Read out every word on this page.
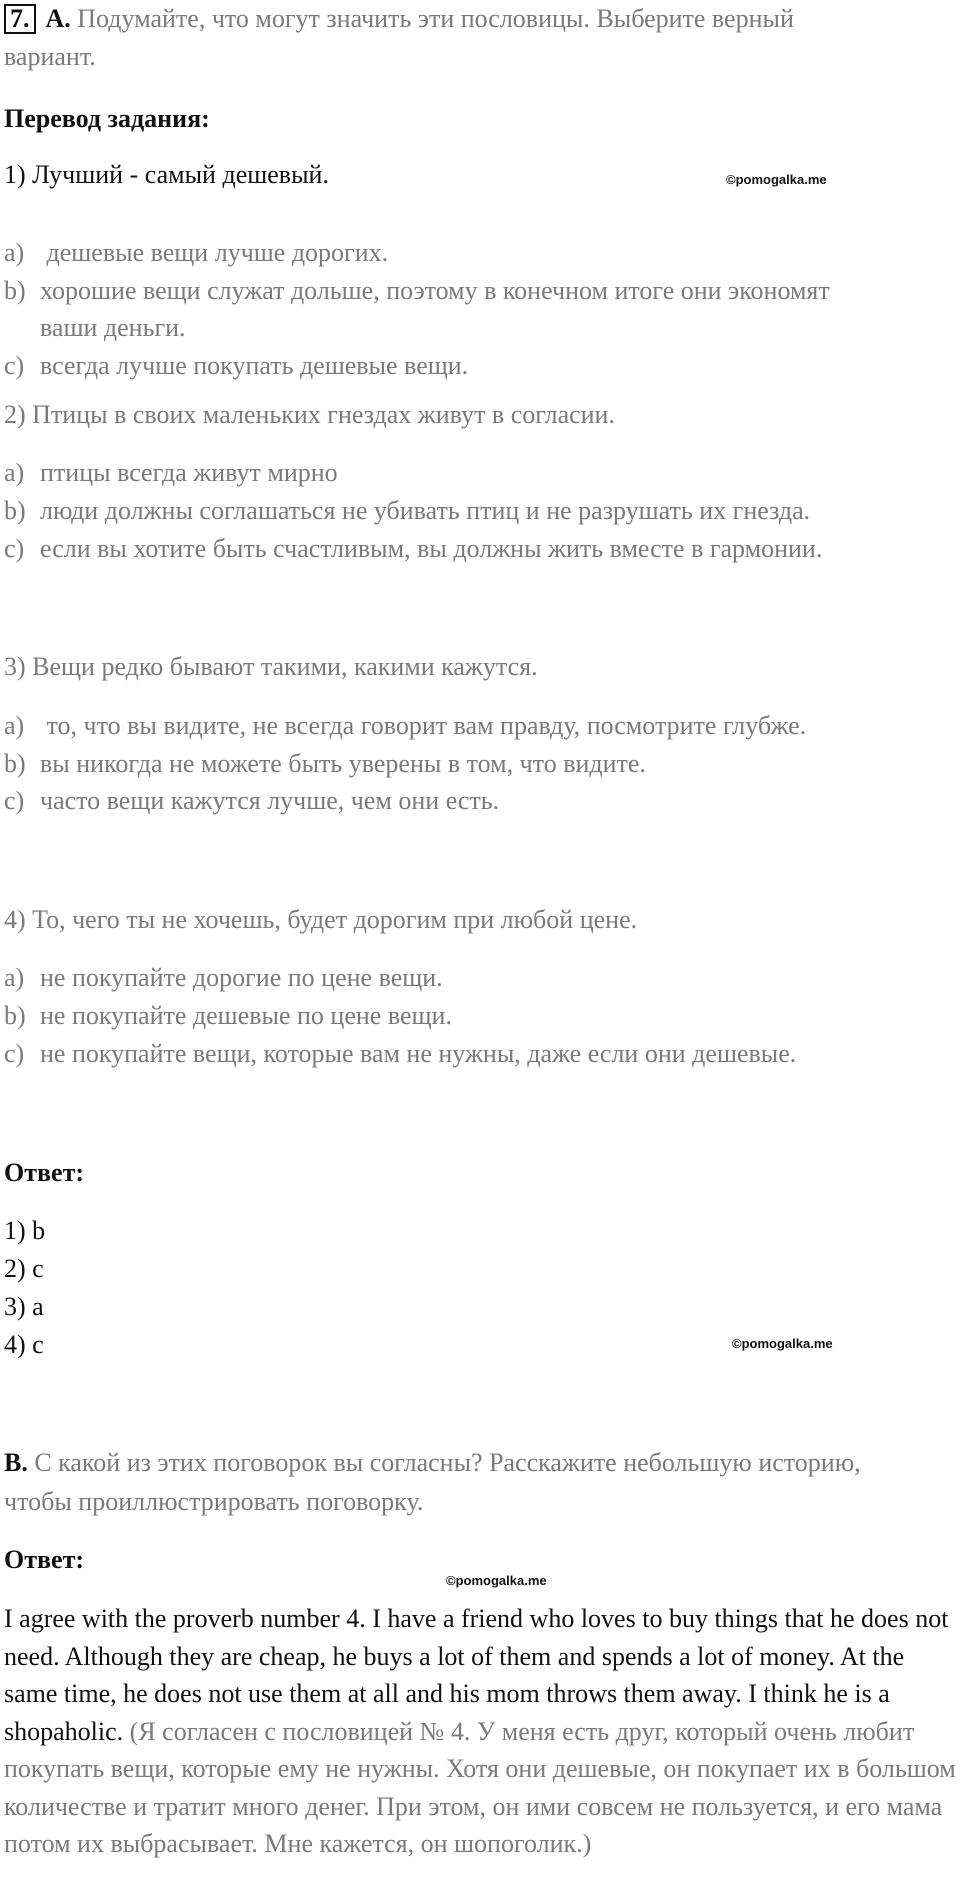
7. A. Подумайте, что могут значить эти пословицы. Выберите верный
вариант.
Перевод задания:
1) Лучший - самый дешевый.	©pomogalka.me
a) дешевые вещи лучше дорогих.
b) хорошие вещи служат дольше, поэтому в конечном итоге они экономят
ваши деньги.
c) всегда лучше покупать дешевые вещи.
2) Птицы в своих маленьких гнездах живут в согласии.
a) птицы всегда живут мирно
b) люди должны соглашаться не убивать птиц и не разрушать их гнезда.
c) если вы хотите быть счастливым, вы должны жить вместе в гармонии.
3) Вещи редко бывают такими, какими кажутся.
a) то, что вы видите, не всегда говорит вам правду, посмотрите глубже.
b) вы никогда не можете быть уверены в том, что видите.
c) часто вещи кажутся лучше, чем они есть.
4) То, чего ты не хочешь, будет дорогим при любой цене.
a) не покупайте дорогие по цене вещи.
b) не покупайте дешевые по цене вещи.
c) не покупайте вещи, которые вам не нужны, даже если они дешевые.
Ответ:
1) b
2) c
3) a
4) c	©pomogalka.me
B. С какой из этих поговорок вы согласны? Расскажите небольшую историю,
чтобы проиллюстрировать поговорку.
Ответ:
©pomogalka.me
I agree with the proverb number 4. I have a friend who loves to buy things that he does not need. Although they are cheap, he buys a lot of them and spends a lot of money. At the same time, he does not use them at all and his mom throws them away. I think he is a shopaholic. (Я согласен с пословицей № 4. У меня есть друг, который очень любит покупать вещи, которые ему не нужны. Хотя они дешевые, он покупает их в большом количестве и тратит много денег. При этом, он ими совсем не пользуется, и его мама потом их выбрасывает. Мне кажется, он шопоголик.)
